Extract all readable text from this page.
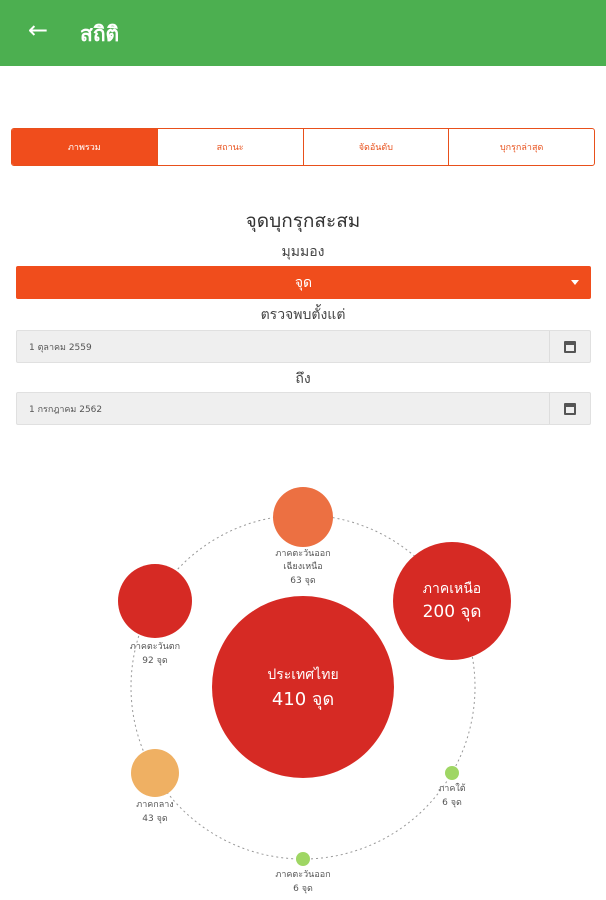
← สถิติ
ภาพรวม	สถานะ	จัดอันดับ	บุกรุกล่าสุด
จุดบุกรุกสะสม
มุมมอง
จุด
ตรวจพบตั้งแต่
1 ตุลาคม 2559
ถึง
1 กรกฎาคม 2562
ประเทศไทย
410 จุด
ภาคเหนือ
200 จุด
ภาคตะวันออก
เฉียงเหนือ
63 จุด
ภาคตะวันตก
92 จุด
ภาคกลาง
43 จุด
ภาคใต้
6 จุด
ภาคตะวันออก
6 จุด
